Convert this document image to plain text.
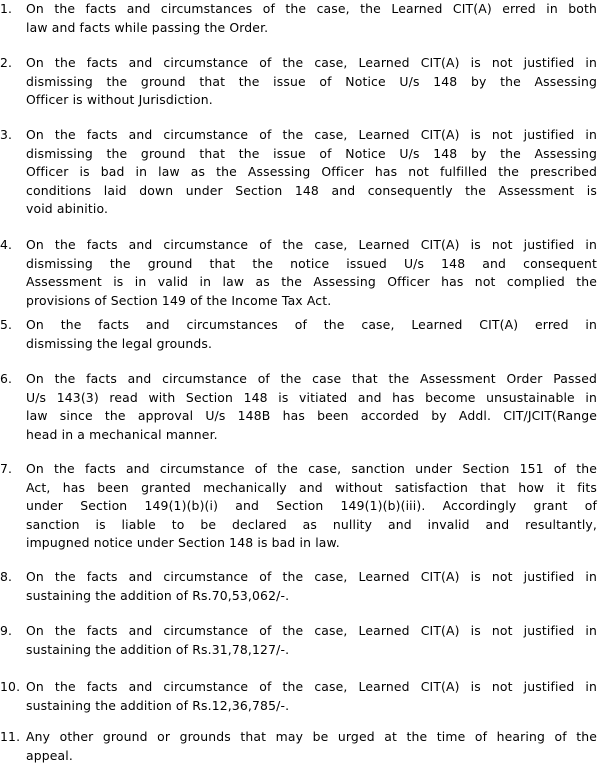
1.	On the facts and circumstances of the case, the Learned CIT(A) erred in both
law and facts while passing the Order.
2.	On the facts and circumstance of the case, Learned CIT(A) is not justified in
dismissing the ground that the issue of Notice U/s 148 by the Assessing
Officer is without Jurisdiction.
3.	On the facts and circumstance of the case, Learned CIT(A) is not justified in
dismissing the ground that the issue of Notice U/s 148 by the Assessing
Officer is bad in law as the Assessing Officer has not fulfilled the prescribed
conditions laid down under Section 148 and consequently the Assessment is
void abinitio.
4.	On the facts and circumstance of the case, Learned CIT(A) is not justified in
dismissing the ground that the notice issued U/s 148 and consequent
Assessment is in valid in law as the Assessing Officer has not complied the
provisions of Section 149 of the Income Tax Act.
5.	On the facts and circumstances of the case, Learned CIT(A) erred in
dismissing the legal grounds.
6.	On the facts and circumstance of the case that the Assessment Order Passed
U/s 143(3) read with Section 148 is vitiated and has become unsustainable in
law since the approval U/s 148B has been accorded by Addl. CIT/JCIT(Range
head in a mechanical manner.
7.	On the facts and circumstance of the case, sanction under Section 151 of the
Act, has been granted mechanically and without satisfaction that how it fits
under Section 149(1)(b)(i) and Section 149(1)(b)(iii). Accordingly grant of
sanction is liable to be declared as nullity and invalid and resultantly,
impugned notice under Section 148 is bad in law.
8.	On the facts and circumstance of the case, Learned CIT(A) is not justified in
sustaining the addition of Rs.70,53,062/-.
9.	On the facts and circumstance of the case, Learned CIT(A) is not justified in
sustaining the addition of Rs.31,78,127/-.
10. On the facts and circumstance of the case, Learned CIT(A) is not justified in
sustaining the addition of Rs.12,36,785/-.
11. Any other ground or grounds that may be urged at the time of hearing of the
appeal.
